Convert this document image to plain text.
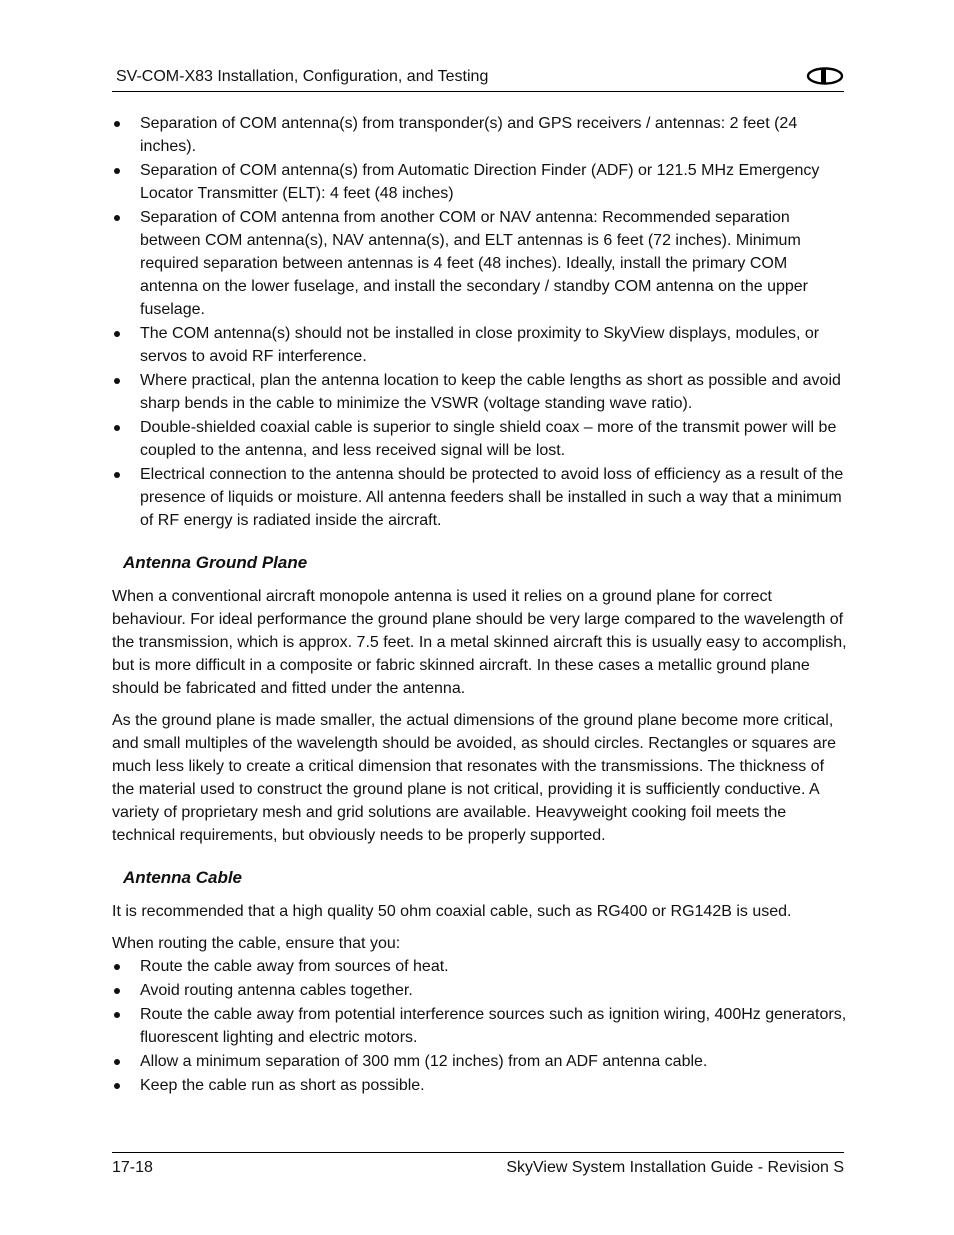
SV-COM-X83 Installation, Configuration, and Testing
Separation of COM antenna(s) from transponder(s) and GPS receivers / antennas: 2 feet (24 inches).
Separation of COM antenna(s) from Automatic Direction Finder (ADF) or 121.5 MHz Emergency Locator Transmitter (ELT): 4 feet (48 inches)
Separation of COM antenna from another COM or NAV antenna: Recommended separation between COM antenna(s), NAV antenna(s), and ELT antennas is 6 feet (72 inches). Minimum required separation between antennas is 4 feet (48 inches). Ideally, install the primary COM antenna on the lower fuselage, and install the secondary / standby COM antenna on the upper fuselage.
The COM antenna(s) should not be installed in close proximity to SkyView displays, modules, or servos to avoid RF interference.
Where practical, plan the antenna location to keep the cable lengths as short as possible and avoid sharp bends in the cable to minimize the VSWR (voltage standing wave ratio).
Double-shielded coaxial cable is superior to single shield coax – more of the transmit power will be coupled to the antenna, and less received signal will be lost.
Electrical connection to the antenna should be protected to avoid loss of efficiency as a result of the presence of liquids or moisture. All antenna feeders shall be installed in such a way that a minimum of RF energy is radiated inside the aircraft.
Antenna Ground Plane

When a conventional aircraft monopole antenna is used it relies on a ground plane for correct behaviour. For ideal performance the ground plane should be very large compared to the wavelength of the transmission, which is approx. 7.5 feet. In a metal skinned aircraft this is usually easy to accomplish, but is more difficult in a composite or fabric skinned aircraft. In these cases a metallic ground plane should be fabricated and fitted under the antenna.

As the ground plane is made smaller, the actual dimensions of the ground plane become more critical, and small multiples of the wavelength should be avoided, as should circles. Rectangles or squares are much less likely to create a critical dimension that resonates with the transmissions. The thickness of the material used to construct the ground plane is not critical, providing it is sufficiently conductive. A variety of proprietary mesh and grid solutions are available. Heavyweight cooking foil meets the technical requirements, but obviously needs to be properly supported.

Antenna Cable

It is recommended that a high quality 50 ohm coaxial cable, such as RG400 or RG142B is used.

When routing the cable, ensure that you:

Route the cable away from sources of heat.
Avoid routing antenna cables together.
Route the cable away from potential interference sources such as ignition wiring, 400Hz generators, fluorescent lighting and electric motors.
Allow a minimum separation of 300 mm (12 inches) from an ADF antenna cable.
Keep the cable run as short as possible.
17-18	SkyView System Installation Guide - Revision S
